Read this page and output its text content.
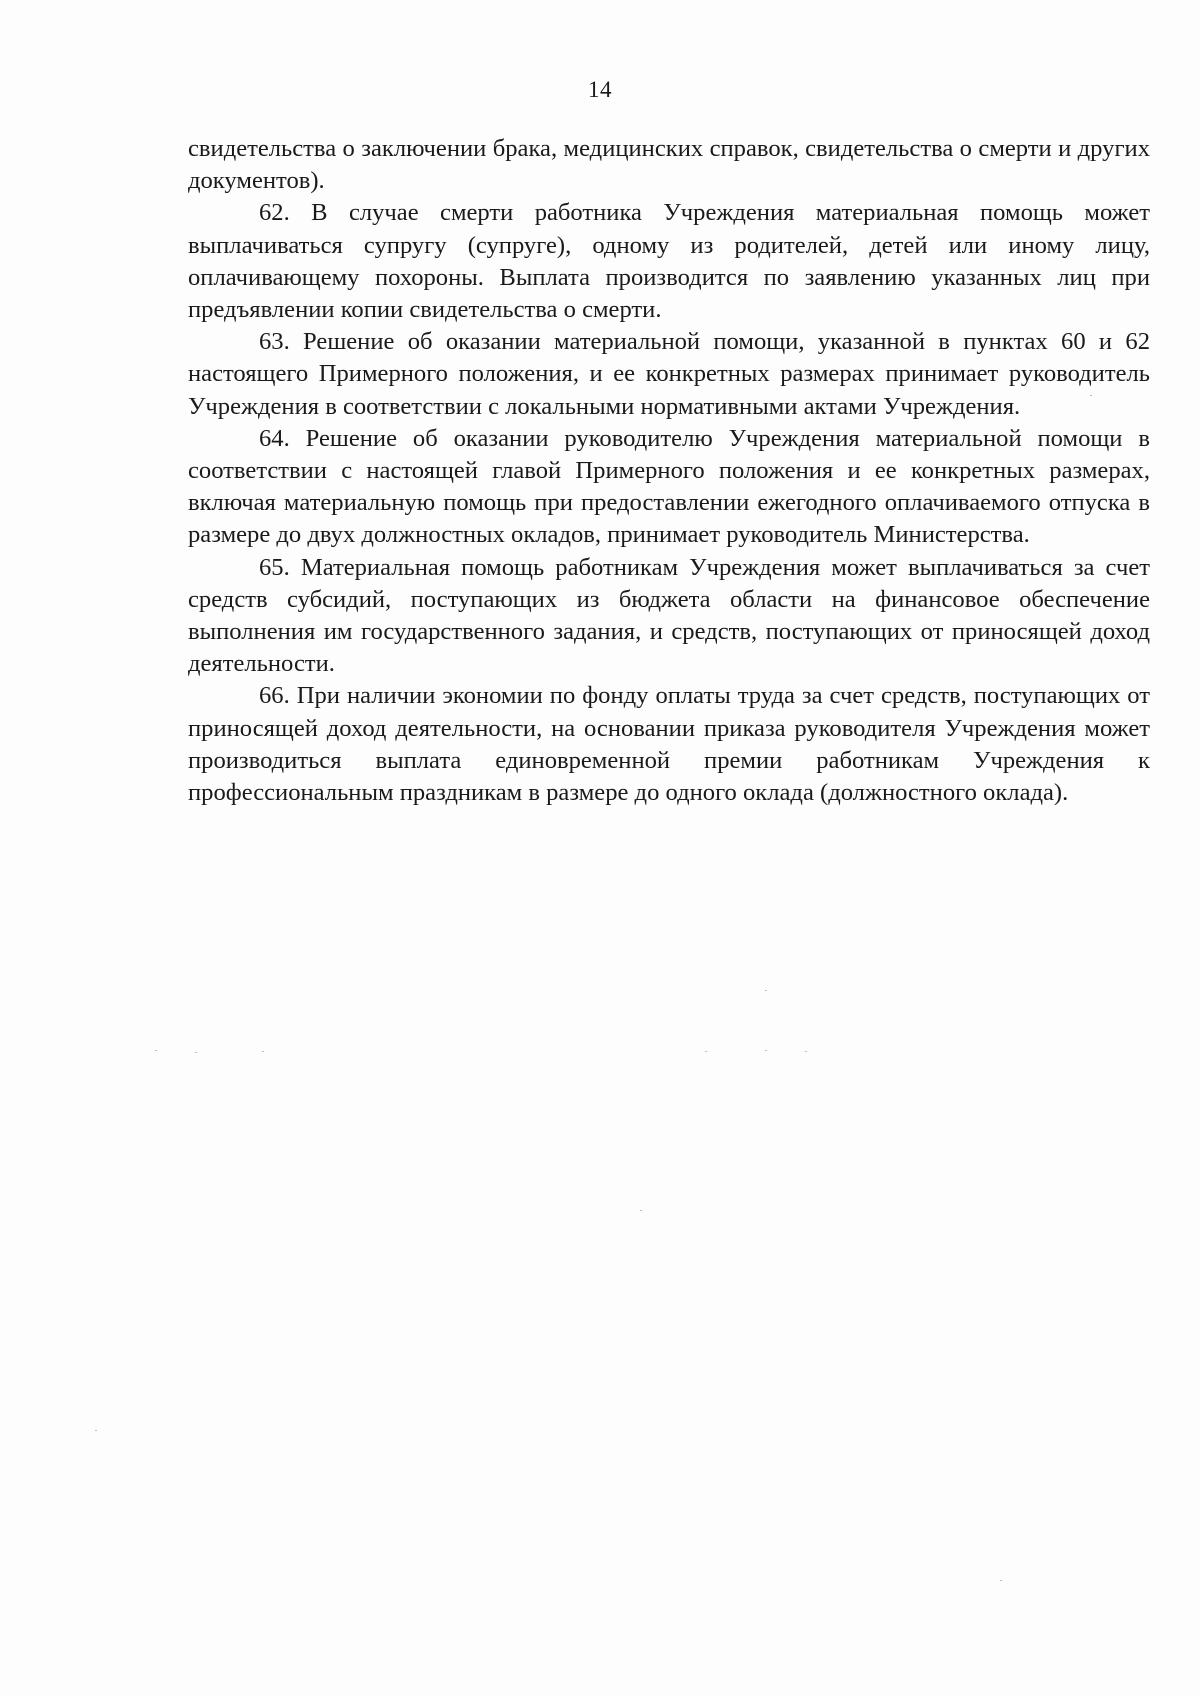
14

свидетельства о заключении брака, медицинских справок, свидетельства о смерти и других документов).

62. В случае смерти работника Учреждения материальная помощь может выплачиваться супругу (супруге), одному из родителей, детей или иному лицу, оплачивающему похороны. Выплата производится по заявлению указанных лиц при предъявлении копии свидетельства о смерти.

63. Решение об оказании материальной помощи, указанной в пунктах 60 и 62 настоящего Примерного положения, и ее конкретных размерах принимает руководитель Учреждения в соответствии с локальными нормативными актами Учреждения.

64. Решение об оказании руководителю Учреждения материальной помощи в соответствии с настоящей главой Примерного положения и ее конкретных размерах, включая материальную помощь при предоставлении ежегодного оплачиваемого отпуска в размере до двух должностных окладов, принимает руководитель Министерства.

65. Материальная помощь работникам Учреждения может выплачиваться за счет средств субсидий, поступающих из бюджета области на финансовое обеспечение выполнения им государственного задания, и средств, поступающих от приносящей доход деятельности.

66. При наличии экономии по фонду оплаты труда за счет средств, поступающих от приносящей доход деятельности, на основании приказа руководителя Учреждения может производиться выплата единовременной премии работникам Учреждения к профессиональным праздникам в размере до одного оклада (должностного оклада).
